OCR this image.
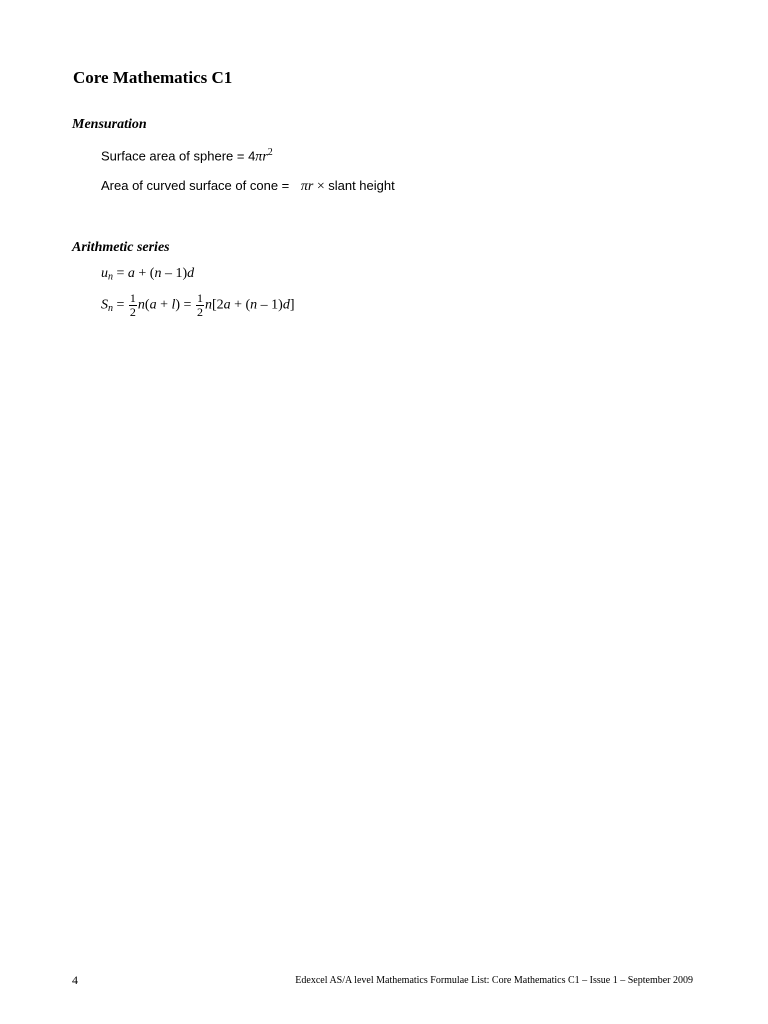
Core Mathematics C1
Mensuration
Surface area of sphere = $4\pi r^2$
Area of curved surface of cone = πr × slant height
Arithmetic series
$u_n = a + (n - 1)d$
$S_n = \frac{1}{2} n(a + l) = \frac{1}{2} n[2a + (n - 1)d]$
4	Edexcel AS/A level Mathematics Formulae List: Core Mathematics C1 – Issue 1 – September 2009
